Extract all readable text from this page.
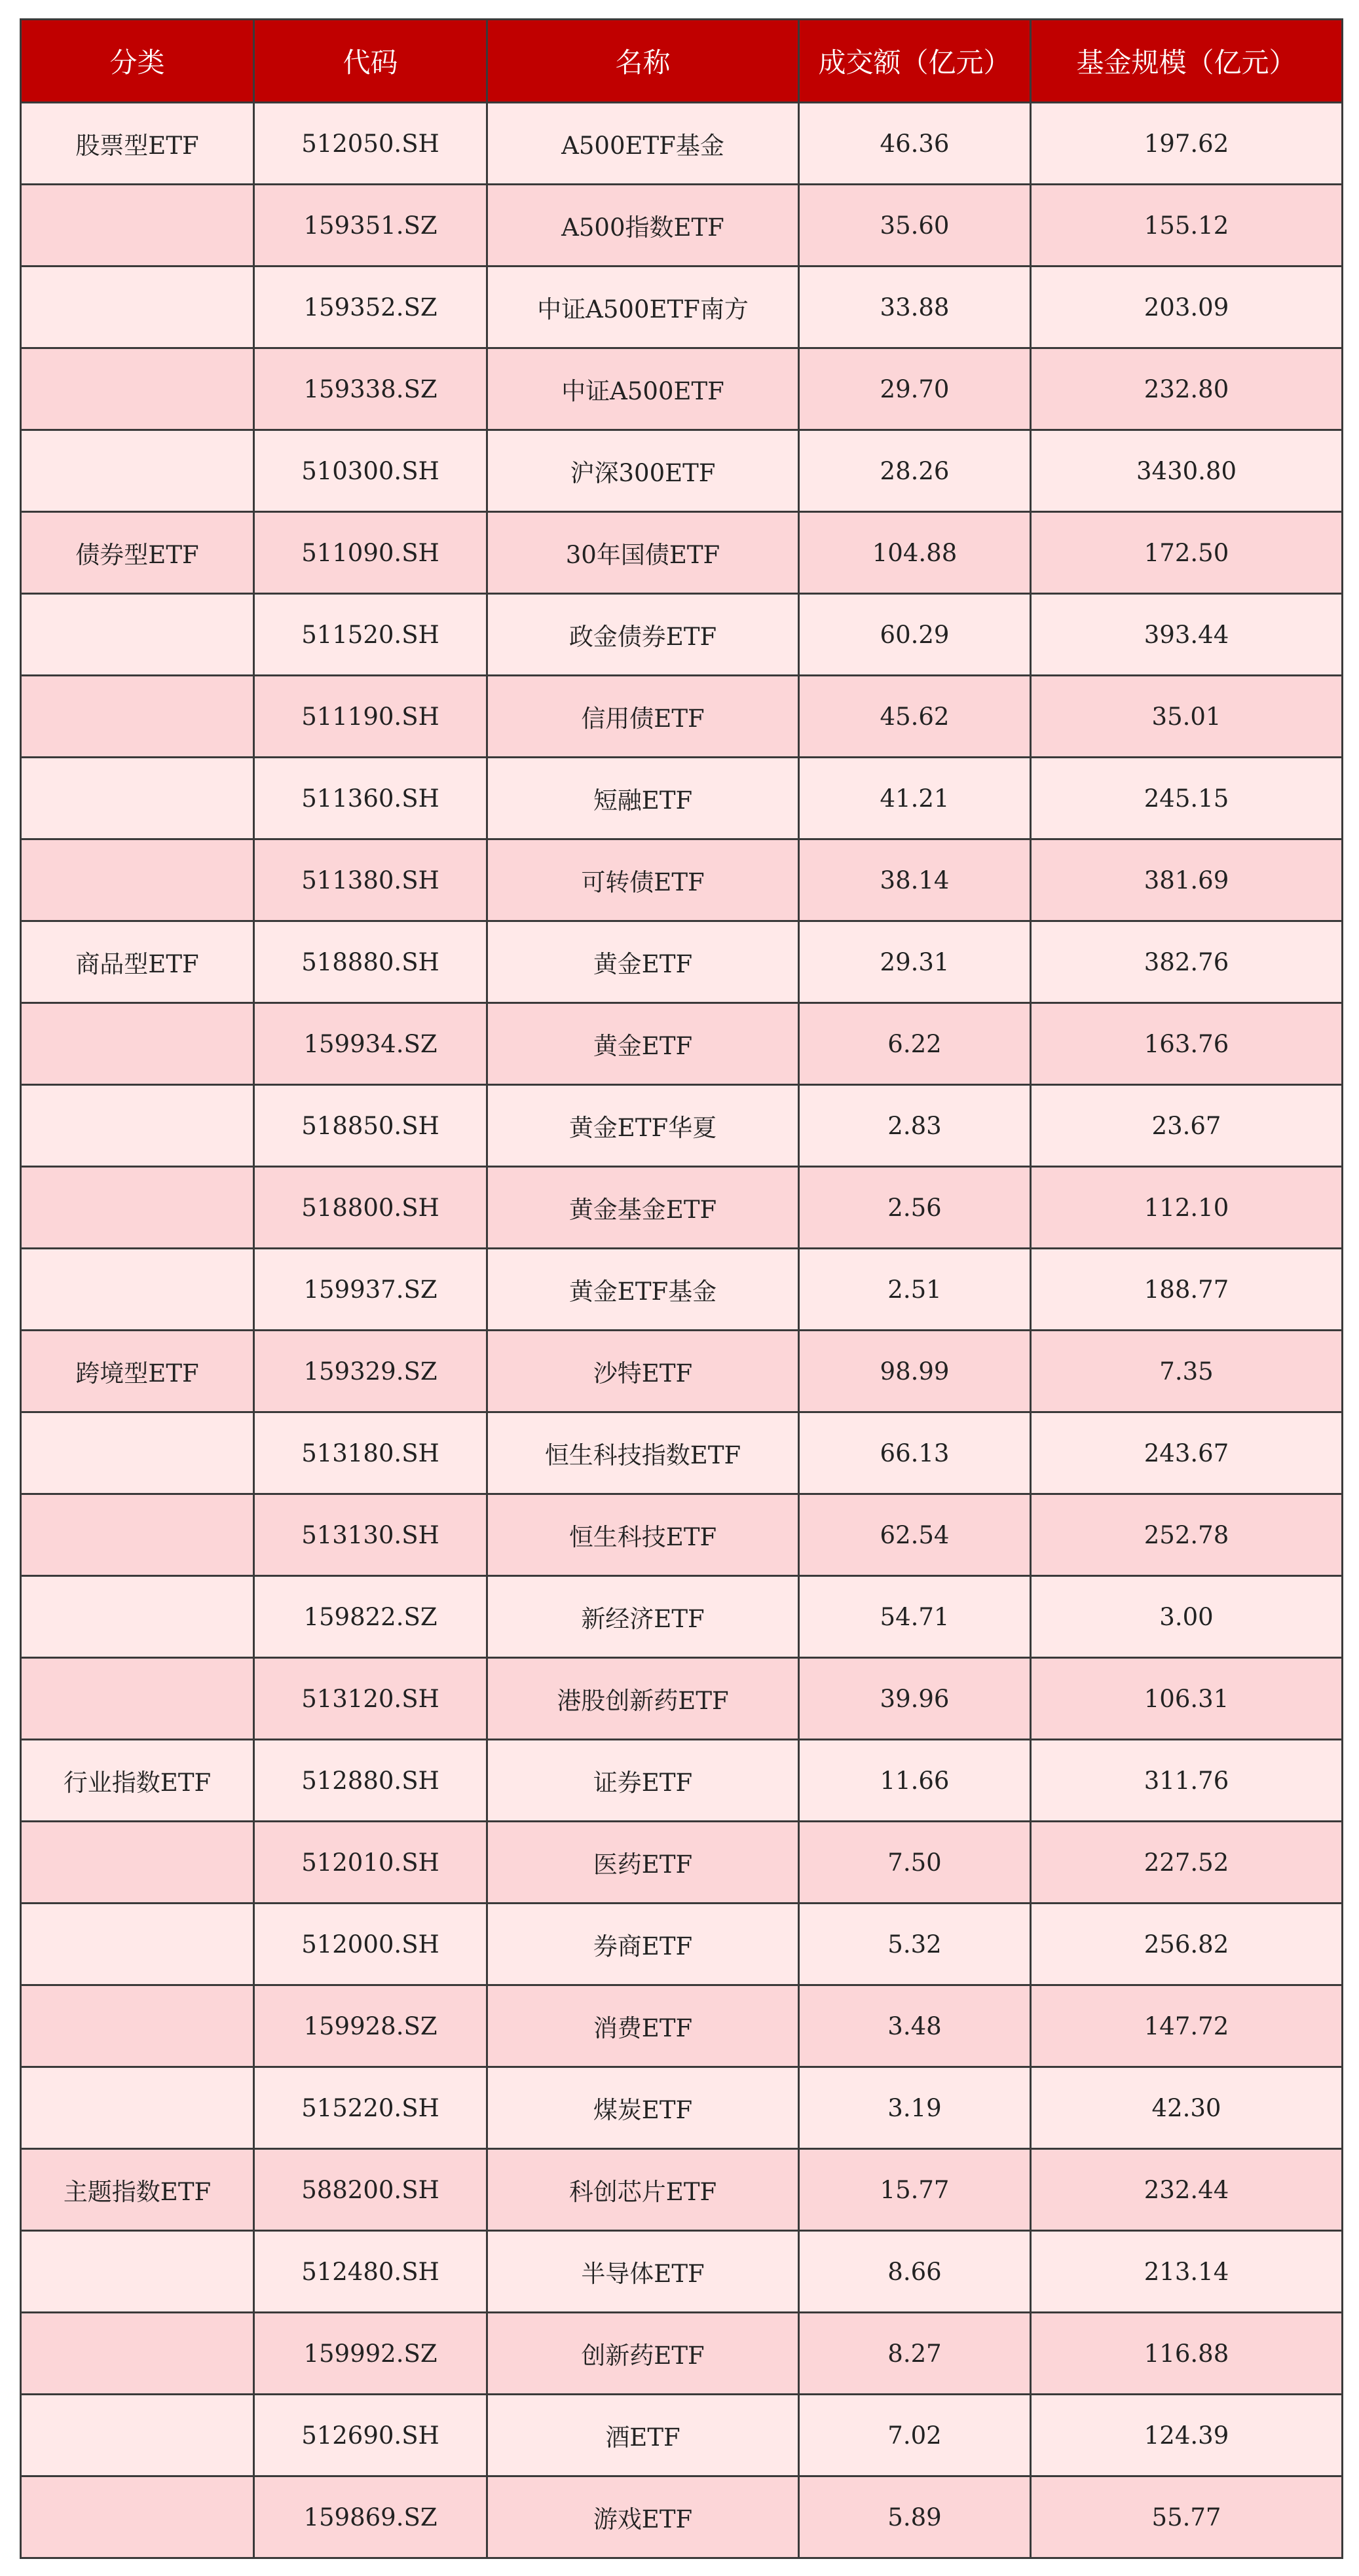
分类	代码	名称	成交额（亿元）	基金规模（亿元）
股票型ETF	512050.SH	A500ETF基金	46.36	197.62
	159351.SZ	A500指数ETF	35.60	155.12
	159352.SZ	中证A500ETF南方	33.88	203.09
	159338.SZ	中证A500ETF	29.70	232.80
	510300.SH	沪深300ETF	28.26	3430.80
债券型ETF	511090.SH	30年国债ETF	104.88	172.50
	511520.SH	政金债券ETF	60.29	393.44
	511190.SH	信用债ETF	45.62	35.01
	511360.SH	短融ETF	41.21	245.15
	511380.SH	可转债ETF	38.14	381.69
商品型ETF	518880.SH	黄金ETF	29.31	382.76
	159934.SZ	黄金ETF	6.22	163.76
	518850.SH	黄金ETF华夏	2.83	23.67
	518800.SH	黄金基金ETF	2.56	112.10
	159937.SZ	黄金ETF基金	2.51	188.77
跨境型ETF	159329.SZ	沙特ETF	98.99	7.35
	513180.SH	恒生科技指数ETF	66.13	243.67
	513130.SH	恒生科技ETF	62.54	252.78
	159822.SZ	新经济ETF	54.71	3.00
	513120.SH	港股创新药ETF	39.96	106.31
行业指数ETF	512880.SH	证券ETF	11.66	311.76
	512010.SH	医药ETF	7.50	227.52
	512000.SH	券商ETF	5.32	256.82
	159928.SZ	消费ETF	3.48	147.72
	515220.SH	煤炭ETF	3.19	42.30
主题指数ETF	588200.SH	科创芯片ETF	15.77	232.44
	512480.SH	半导体ETF	8.66	213.14
	159992.SZ	创新药ETF	8.27	116.88
	512690.SH	酒ETF	7.02	124.39
	159869.SZ	游戏ETF	5.89	55.77
